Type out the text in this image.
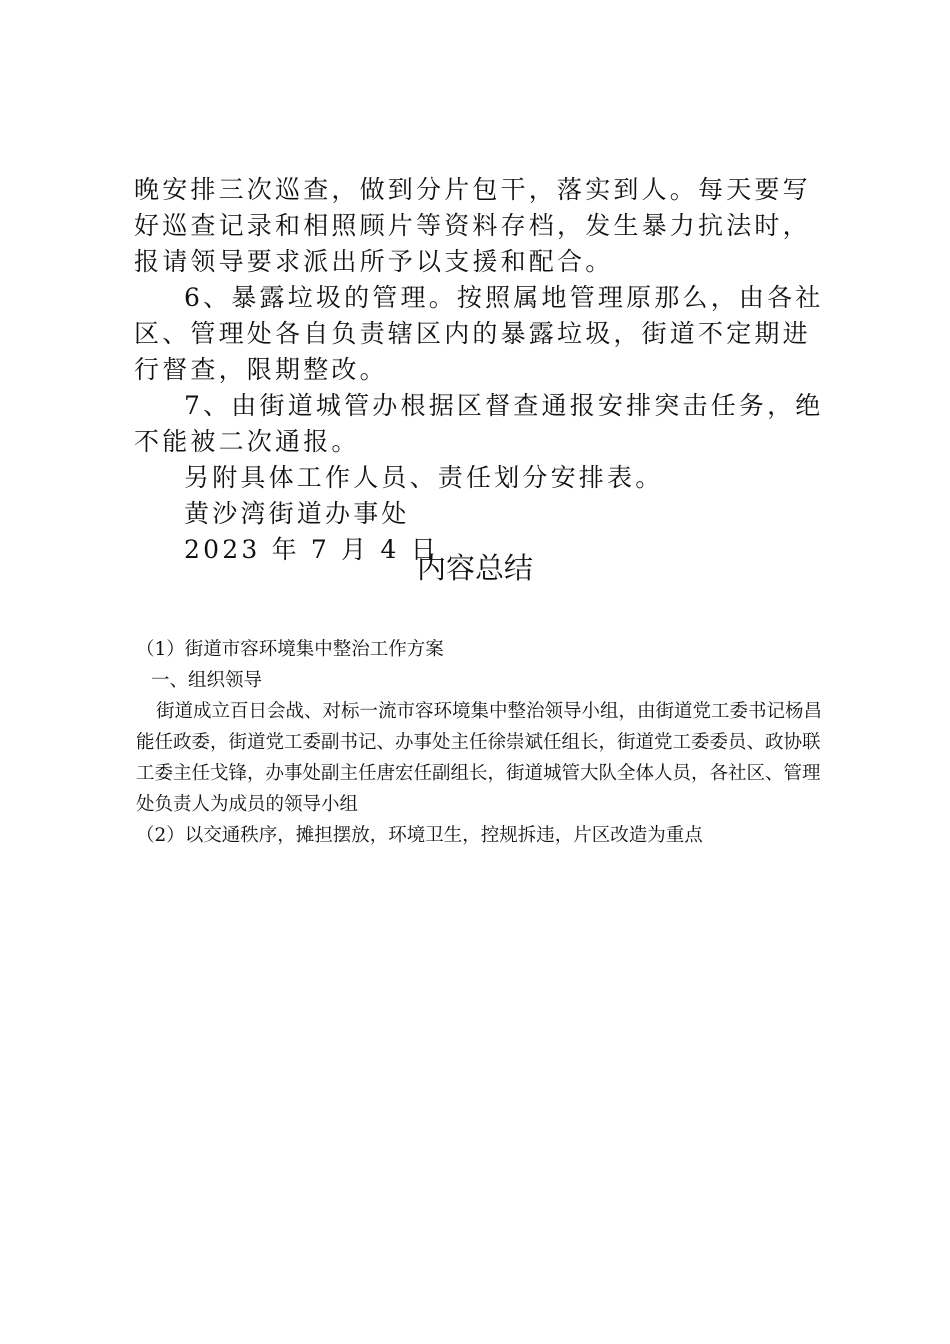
晚安排三次巡查，做到分片包干，落实到人。每天要写好巡查记录和相照顾片等资料存档，发生暴力抗法时，报请领导要求派出所予以支援和配合。

6、暴露垃圾的管理。按照属地管理原那么，由各社区、管理处各自负责辖区内的暴露垃圾，街道不定期进行督查，限期整改。

7、由街道城管办根据区督查通报安排突击任务，绝不能被二次通报。

另附具体工作人员、责任划分安排表。

黄沙湾街道办事处

2023 年 7 月 4 日

内容总结

（1）街道市容环境集中整治工作方案

一、组织领导

街道成立百日会战、对标一流市容环境集中整治领导小组，由街道党工委书记杨昌能任政委，街道党工委副书记、办事处主任徐崇斌任组长，街道党工委委员、政协联工委主任戈锋，办事处副主任唐宏任副组长，街道城管大队全体人员，各社区、管理处负责人为成员的领导小组

（2）以交通秩序，摊担摆放，环境卫生，控规拆违，片区改造为重点
